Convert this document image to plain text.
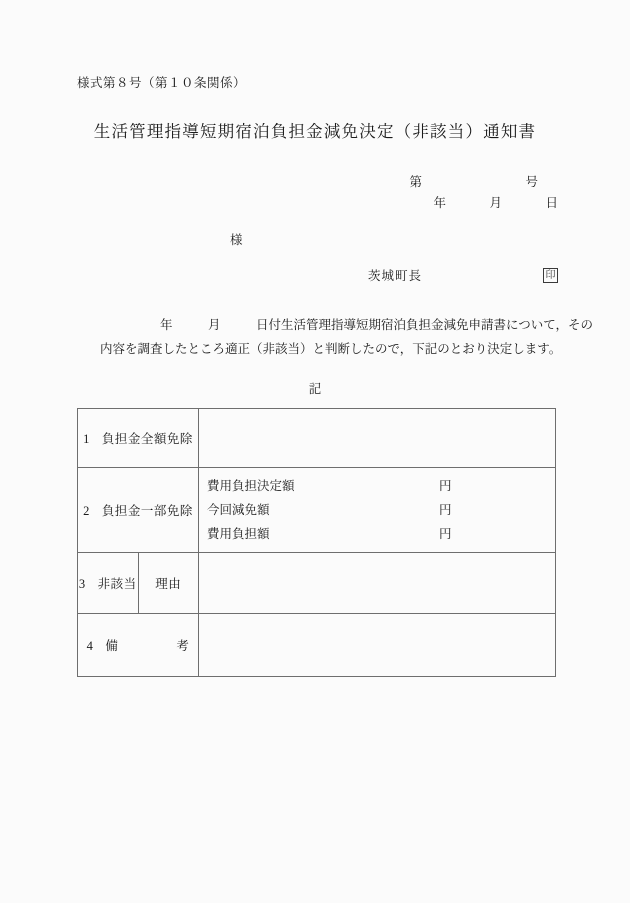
様式第８号（第１０条関係）
生活管理指導短期宿泊負担金減免決定（非該当）通知書
第	号
年	月	日
様
茨城町長	印
年	月	日付生活管理指導短期宿泊負担金減免申請書について，その
内容を調査したところ適正（非該当）と判断したので，下記のとおり決定します。
記
1 負担金全額免除		
2 負担金一部免除	
費用負担決定額	円
今回減免額	円
費用負担額	円

3 非該当	理由	
4 備 考		
